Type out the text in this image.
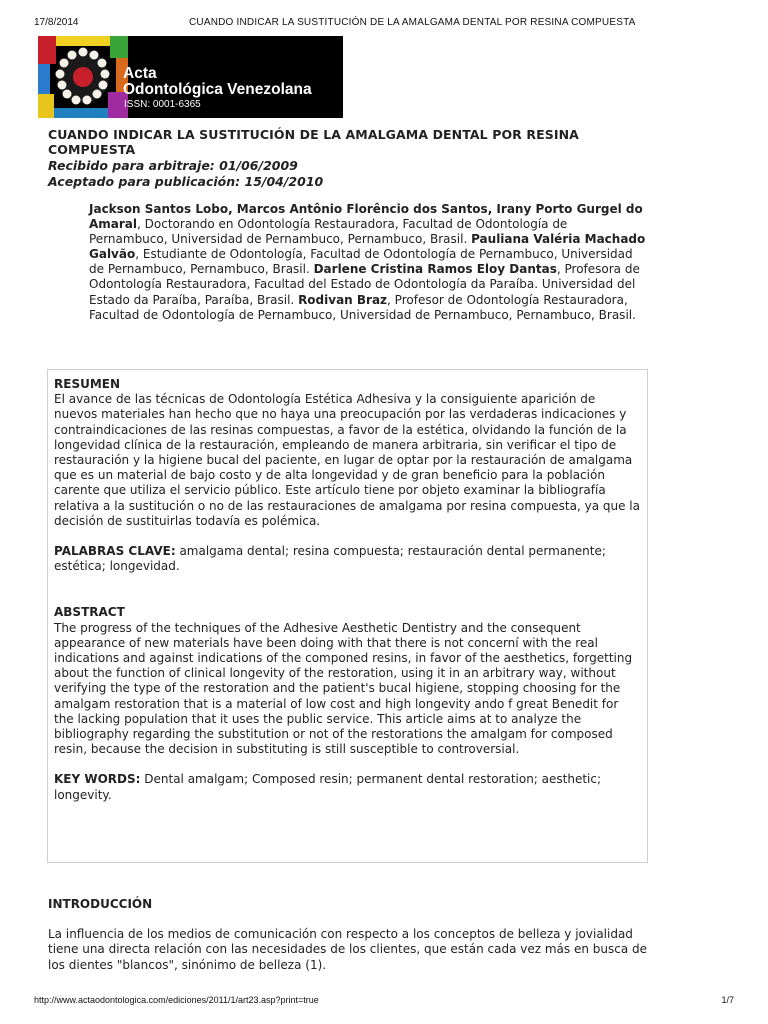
17/8/2014	CUANDO INDICAR LA SUSTITUCIÓN DE LA AMALGAMA DENTAL POR RESINA COMPUESTA
Acta
Odontológica Venezolana
ISSN: 0001-6365
CUANDO INDICAR LA SUSTITUCIÓN DE LA AMALGAMA DENTAL POR RESINA COMPUESTA
Recibido para arbitraje: 01/06/2009
Aceptado para publicación: 15/04/2010
Jackson Santos Lobo, Marcos Antônio Florêncio dos Santos, Irany Porto Gurgel do Amaral, Doctorando en Odontología Restauradora, Facultad de Odontología de Pernambuco, Universidad de Pernambuco, Pernambuco, Brasil. Pauliana Valéria Machado Galvão, Estudiante de Odontología, Facultad de Odontología de Pernambuco, Universidad de Pernambuco, Pernambuco, Brasil. Darlene Cristina Ramos Eloy Dantas, Profesora de Odontología Restauradora, Facultad del Estado de Odontología da Paraíba. Universidad del Estado da Paraíba, Paraíba, Brasil. Rodivan Braz, Profesor de Odontología Restauradora, Facultad de Odontología de Pernambuco, Universidad de Pernambuco, Pernambuco, Brasil.
RESUMEN
El avance de las técnicas de Odontología Estética Adhesiva y la consiguiente aparición de nuevos materiales han hecho que no haya una preocupación por las verdaderas indicaciones y contraindicaciones de las resinas compuestas, a favor de la estética, olvidando la función de la longevidad clínica de la restauración, empleando de manera arbitraria, sin verificar el tipo de restauración y la higiene bucal del paciente, en lugar de optar por la restauración de amalgama que es un material de bajo costo y de alta longevidad y de gran beneficio para la población carente que utiliza el servicio público. Este artículo tiene por objeto examinar la bibliografía relativa a la sustitución o no de las restauraciones de amalgama por resina compuesta, ya que la decisión de sustituirlas todavía es polémica.
PALABRAS CLAVE: amalgama dental; resina compuesta; restauración dental permanente; estética; longevidad.
ABSTRACT
The progress of the techniques of the Adhesive Aesthetic Dentistry and the consequent appearance of new materials have been doing with that there is not concerní with the real indications and against indications of the componed resins, in favor of the aesthetics, forgetting about the function of clinical longevity of the restoration, using it in an arbitrary way, without verifying the type of the restoration and the patient's bucal higiene, stopping choosing for the amalgam restoration that is a material of low cost and high longevity ando f great Benedit for the lacking population that it uses the public service. This article aims at to analyze the bibliography regarding the substitution or not of the restorations the amalgam for composed resin, because the decision in substituting is still susceptible to controversial.
KEY WORDS: Dental amalgam; Composed resin; permanent dental restoration; aesthetic; longevity.
INTRODUCCIÓN
La influencia de los medios de comunicación con respecto a los conceptos de belleza y jovialidad tiene una directa relación con las necesidades de los clientes, que están cada vez más en busca de los dientes "blancos", sinónimo de belleza (1).
http://www.actaodontologica.com/ediciones/2011/1/art23.asp?print=true	1/7
